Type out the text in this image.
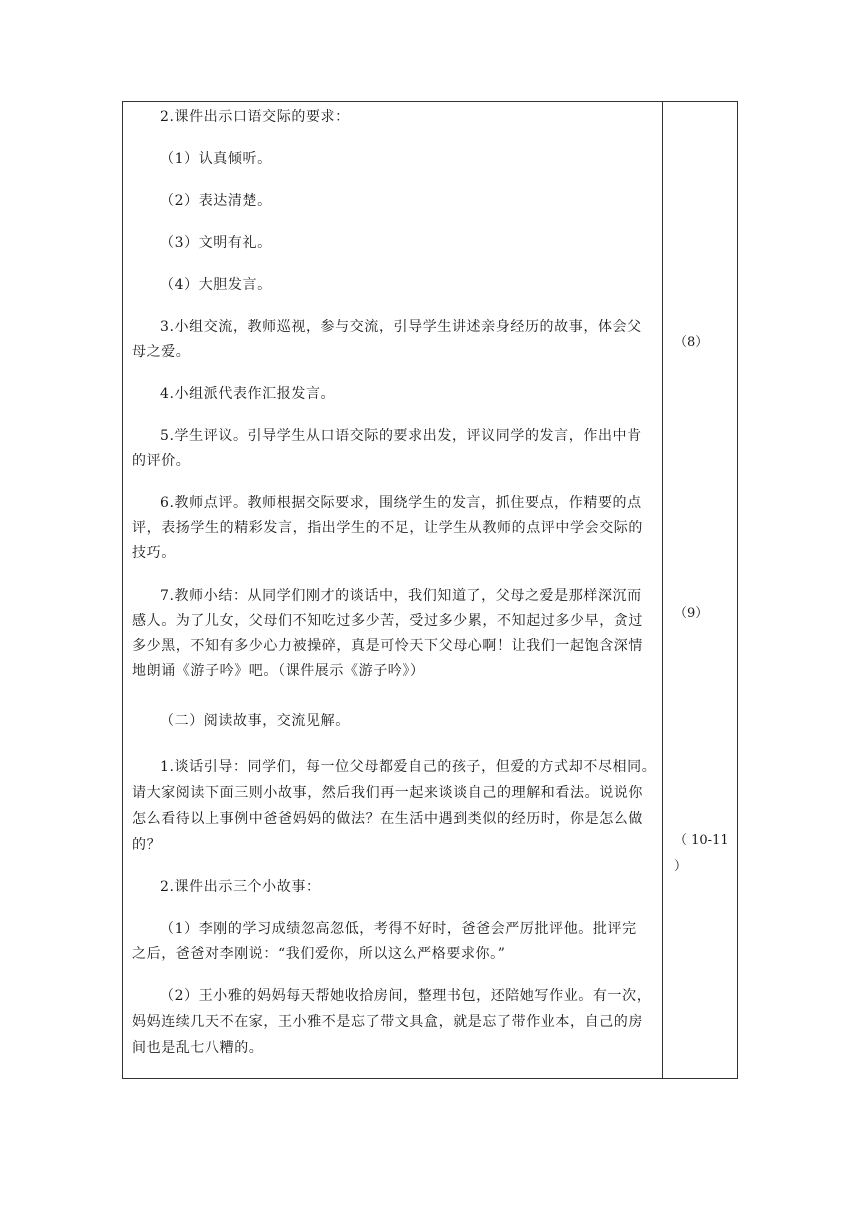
2.课件出示口语交际的要求：
（1）认真倾听。
（2）表达清楚。
（3）文明有礼。
（4）大胆发言。
3.小组交流，教师巡视，参与交流，引导学生讲述亲身经历的故事，体会父
母之爱。
4.小组派代表作汇报发言。
5.学生评议。引导学生从口语交际的要求出发，评议同学的发言，作出中肯
的评价。
6.教师点评。教师根据交际要求，围绕学生的发言，抓住要点，作精要的点
评，表扬学生的精彩发言，指出学生的不足，让学生从教师的点评中学会交际的
技巧。
7.教师小结：从同学们刚才的谈话中，我们知道了，父母之爱是那样深沉而
感人。为了儿女，父母们不知吃过多少苦，受过多少累，不知起过多少早，贪过
多少黑，不知有多少心力被操碎，真是可怜天下父母心啊！让我们一起饱含深情
地朗诵《游子吟》吧。（课件展示《游子吟》）
（二）阅读故事，交流见解。
1.谈话引导：同学们，每一位父母都爱自己的孩子，但爱的方式却不尽相同。
请大家阅读下面三则小故事，然后我们再一起来谈谈自己的理解和看法。说说你
怎么看待以上事例中爸爸妈妈的做法？在生活中遇到类似的经历时，你是怎么做
的？
2.课件出示三个小故事：
（1）李刚的学习成绩忽高忽低，考得不好时，爸爸会严厉批评他。批评完
之后，爸爸对李刚说：“我们爱你，所以这么严格要求你。”
（2）王小雅的妈妈每天帮她收拾房间，整理书包，还陪她写作业。有一次，
妈妈连续几天不在家，王小雅不是忘了带文具盒，就是忘了带作业本，自己的房
间也是乱七八糟的。
（8）
（9）
（ 10-11
）
